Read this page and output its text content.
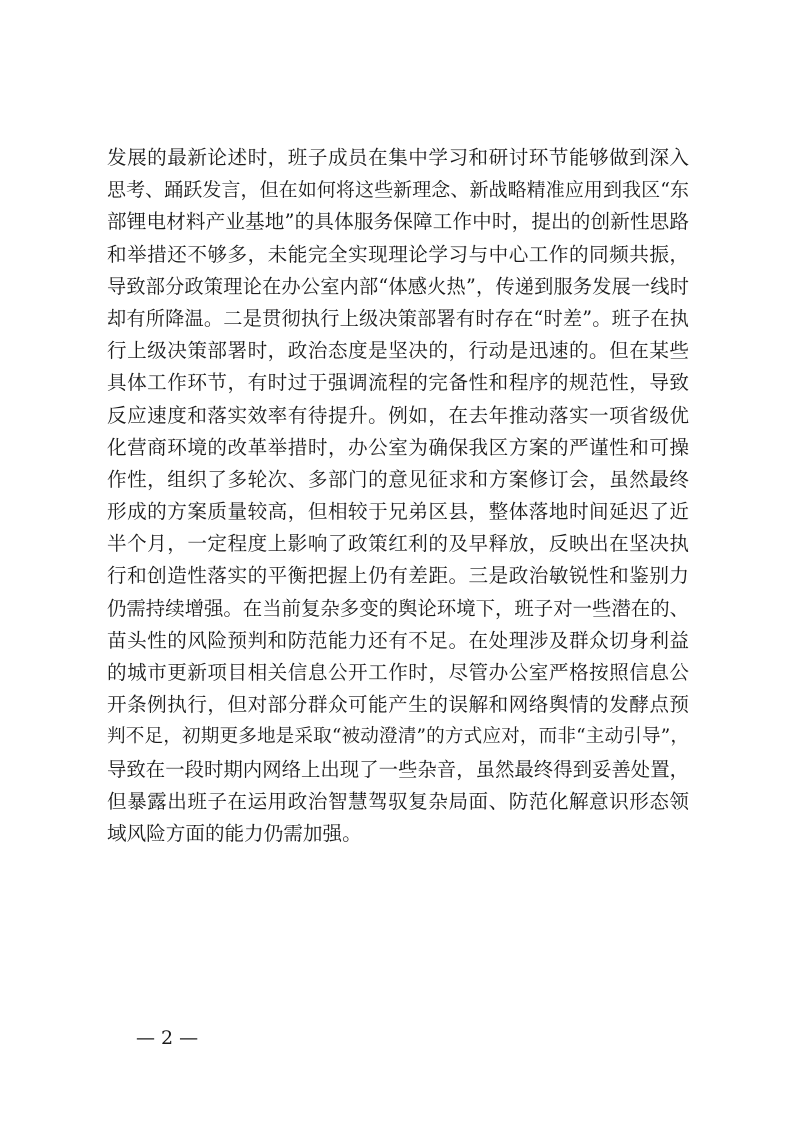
发展的最新论述时，班子成员在集中学习和研讨环节能够做到深入
思考、踊跃发言，但在如何将这些新理念、新战略精准应用到我区“东
部锂电材料产业基地”的具体服务保障工作中时，提出的创新性思路
和举措还不够多，未能完全实现理论学习与中心工作的同频共振，
导致部分政策理论在办公室内部“体感火热”，传递到服务发展一线时
却有所降温。二是贯彻执行上级决策部署有时存在“时差”。班子在执
行上级决策部署时，政治态度是坚决的，行动是迅速的。但在某些
具体工作环节，有时过于强调流程的完备性和程序的规范性，导致
反应速度和落实效率有待提升。例如，在去年推动落实一项省级优
化营商环境的改革举措时，办公室为确保我区方案的严谨性和可操
作性，组织了多轮次、多部门的意见征求和方案修订会，虽然最终
形成的方案质量较高，但相较于兄弟区县，整体落地时间延迟了近
半个月，一定程度上影响了政策红利的及早释放，反映出在坚决执
行和创造性落实的平衡把握上仍有差距。三是政治敏锐性和鉴别力
仍需持续增强。在当前复杂多变的舆论环境下，班子对一些潜在的、
苗头性的风险预判和防范能力还有不足。在处理涉及群众切身利益
的城市更新项目相关信息公开工作时，尽管办公室严格按照信息公
开条例执行，但对部分群众可能产生的误解和网络舆情的发酵点预
判不足，初期更多地是采取“被动澄清”的方式应对，而非“主动引导”，
导致在一段时期内网络上出现了一些杂音，虽然最终得到妥善处置，
但暴露出班子在运用政治智慧驾驭复杂局面、防范化解意识形态领
域风险方面的能力仍需加强。
— 2 —
